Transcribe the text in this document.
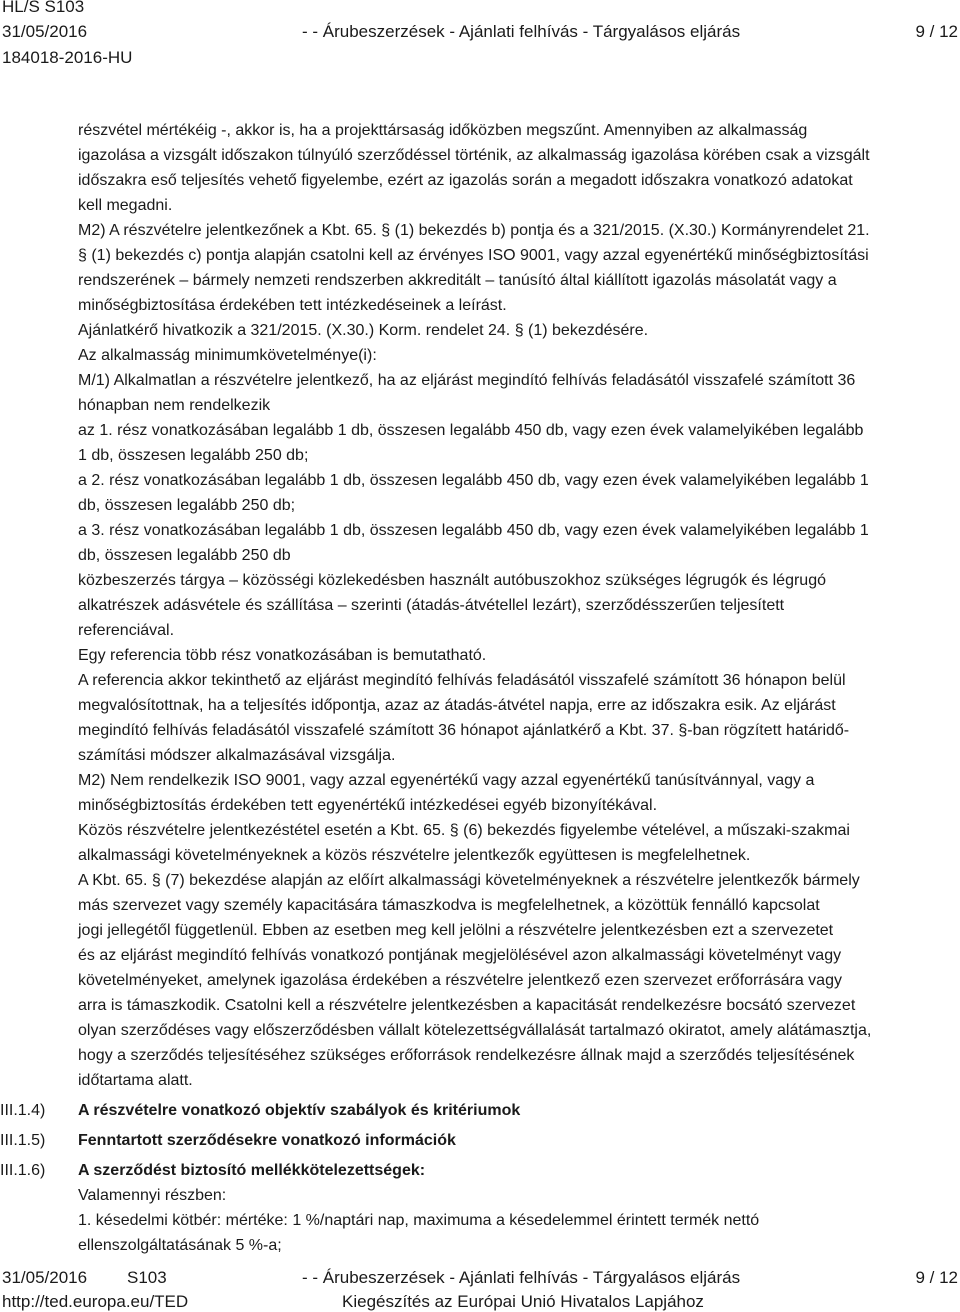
HL/S S103
31/05/2016
184018-2016-HU
- - Árubeszerzések - Ajánlati felhívás - Tárgyalásos eljárás	9 / 12
részvétel mértékéig -, akkor is, ha a projekttársaság időközben megszűnt. Amennyiben az alkalmasság
igazolása a vizsgált időszakon túlnyúló szerződéssel történik, az alkalmasság igazolása körében csak a vizsgált
időszakra eső teljesítés vehető figyelembe, ezért az igazolás során a megadott időszakra vonatkozó adatokat
kell megadni.
M2) A részvételre jelentkezőnek a Kbt. 65. § (1) bekezdés b) pontja és a 321/2015. (X.30.) Kormányrendelet 21.
§ (1) bekezdés c) pontja alapján csatolni kell az érvényes ISO 9001, vagy azzal egyenértékű minőségbiztosítási
rendszerének – bármely nemzeti rendszerben akkreditált – tanúsító által kiállított igazolás másolatát vagy a
minőségbiztosítása érdekében tett intézkedéseinek a leírást.
Ajánlatkérő hivatkozik a 321/2015. (X.30.) Korm. rendelet 24. § (1) bekezdésére.
Az alkalmasság minimumkövetelménye(i):
M/1) Alkalmatlan a részvételre jelentkező, ha az eljárást megindító felhívás feladásától visszafelé számított 36
hónapban nem rendelkezik
az 1. rész vonatkozásában legalább 1 db, összesen legalább 450 db, vagy ezen évek valamelyikében legalább
1 db, összesen legalább 250 db;
a 2. rész vonatkozásában legalább 1 db, összesen legalább 450 db, vagy ezen évek valamelyikében legalább 1
db, összesen legalább 250 db;
a 3. rész vonatkozásában legalább 1 db, összesen legalább 450 db, vagy ezen évek valamelyikében legalább 1
db, összesen legalább 250 db
közbeszerzés tárgya – közösségi közlekedésben használt autóbuszokhoz szükséges légrugók és légrugó
alkatrészek adásvétele és szállítása – szerinti (átadás-átvétellel lezárt), szerződésszerűen teljesített
referenciával.
Egy referencia több rész vonatkozásában is bemutatható.
A referencia akkor tekinthető az eljárást megindító felhívás feladásától visszafelé számított 36 hónapon belül
megvalósítottnak, ha a teljesítés időpontja, azaz az átadás-átvétel napja, erre az időszakra esik. Az eljárást
megindító felhívás feladásától visszafelé számított 36 hónapot ajánlatkérő a Kbt. 37. §-ban rögzített határidő-
számítási módszer alkalmazásával vizsgálja.
M2) Nem rendelkezik ISO 9001, vagy azzal egyenértékű vagy azzal egyenértékű tanúsítvánnyal, vagy a
minőségbiztosítás érdekében tett egyenértékű intézkedései egyéb bizonyítékával.
Közös részvételre jelentkezéstétel esetén a Kbt. 65. § (6) bekezdés figyelembe vételével, a műszaki-szakmai
alkalmassági követelményeknek a közös részvételre jelentkezők együttesen is megfelelhetnek.
A Kbt. 65. § (7) bekezdése alapján az előírt alkalmassági követelményeknek a részvételre jelentkezők bármely
más szervezet vagy személy kapacitására támaszkodva is megfelelhetnek, a közöttük fennálló kapcsolat
jogi jellegétől függetlenül. Ebben az esetben meg kell jelölni a részvételre jelentkezésben ezt a szervezetet
és az eljárást megindító felhívás vonatkozó pontjának megjelölésével azon alkalmassági követelményt vagy
követelményeket, amelynek igazolása érdekében a részvételre jelentkező ezen szervezet erőforrására vagy
arra is támaszkodik. Csatolni kell a részvételre jelentkezésben a kapacitását rendelkezésre bocsátó szervezet
olyan szerződéses vagy előszerződésben vállalt kötelezettségvállalását tartalmazó okiratot, amely alátámasztja,
hogy a szerződés teljesítéséhez szükséges erőforrások rendelkezésre állnak majd a szerződés teljesítésének
időtartama alatt.
III.1.4) A részvételre vonatkozó objektív szabályok és kritériumok
III.1.5) Fenntartott szerződésekre vonatkozó információk
III.1.6) A szerződést biztosító mellékkötelezettségek:
Valamennyi részben:
1. késedelmi kötbér: mértéke: 1 %/naptári nap, maximuma a késedelemmel érintett termék nettó
ellenszolgáltatásának 5 %-a;
31/05/2016 S103
http://ted.europa.eu/TED
- - Árubeszerzések - Ajánlati felhívás - Tárgyalásos eljárás
Kiegészítés az Európai Unió Hivatalos Lapjához
9 / 12
